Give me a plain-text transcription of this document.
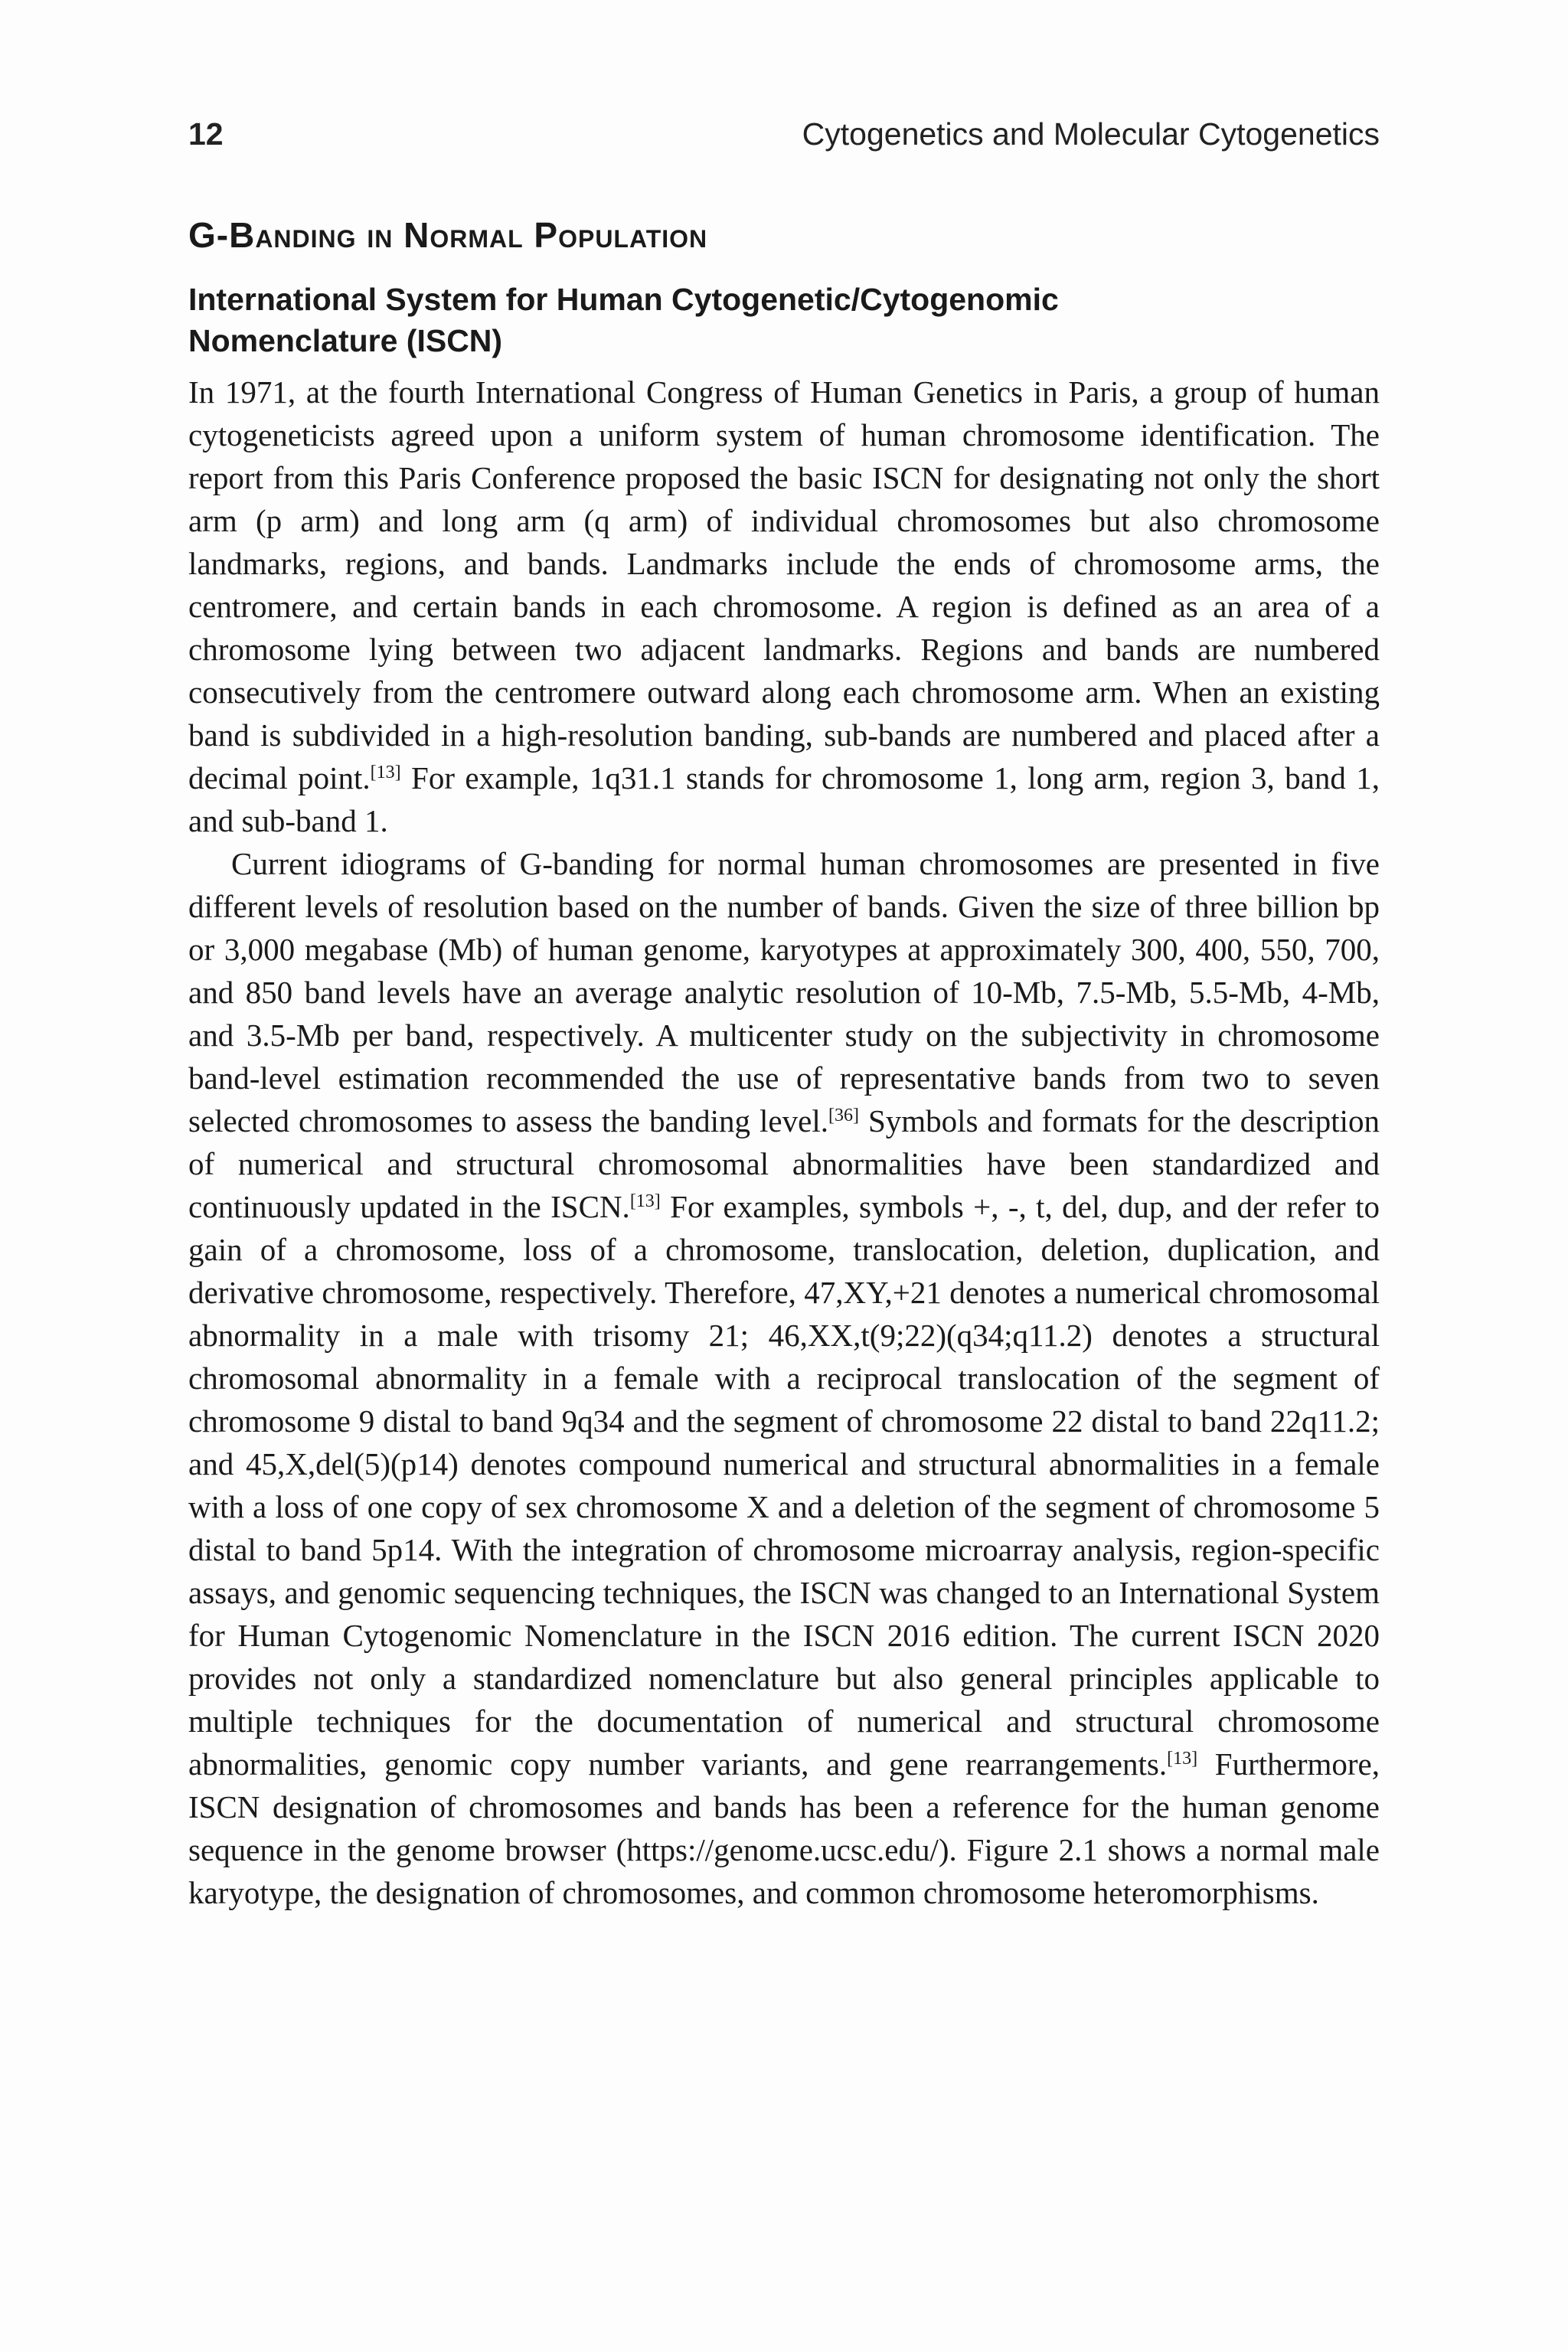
12	Cytogenetics and Molecular Cytogenetics
G-Banding in Normal Population
International System for Human Cytogenetic/Cytogenomic Nomenclature (ISCN)

In 1971, at the fourth International Congress of Human Genetics in Paris, a group of human cytogeneticists agreed upon a uniform system of human chromosome identification. The report from this Paris Conference proposed the basic ISCN for designating not only the short arm (p arm) and long arm (q arm) of individual chromosomes but also chromosome landmarks, regions, and bands. Landmarks include the ends of chromosome arms, the centromere, and certain bands in each chromosome. A region is defined as an area of a chromosome lying between two adjacent landmarks. Regions and bands are numbered consecutively from the centromere outward along each chromosome arm. When an existing band is subdivided in a high-resolution banding, sub-bands are numbered and placed after a decimal point.[13] For example, 1q31.1 stands for chromosome 1, long arm, region 3, band 1, and sub-band 1.

Current idiograms of G-banding for normal human chromosomes are presented in five different levels of resolution based on the number of bands. Given the size of three billion bp or 3,000 megabase (Mb) of human genome, karyotypes at approximately 300, 400, 550, 700, and 850 band levels have an average analytic resolution of 10-Mb, 7.5-Mb, 5.5-Mb, 4-Mb, and 3.5-Mb per band, respectively. A multicenter study on the subjectivity in chromosome band-level estimation recommended the use of representative bands from two to seven selected chromosomes to assess the banding level.[36] Symbols and formats for the description of numerical and structural chromosomal abnormalities have been standardized and continuously updated in the ISCN.[13] For examples, symbols +, -, t, del, dup, and der refer to gain of a chromosome, loss of a chromosome, translocation, deletion, duplication, and derivative chromosome, respectively. Therefore, 47,XY,+21 denotes a numerical chromosomal abnormality in a male with trisomy 21; 46,XX,t(9;22)(q34;q11.2) denotes a structural chromosomal abnormality in a female with a reciprocal translocation of the segment of chromosome 9 distal to band 9q34 and the segment of chromosome 22 distal to band 22q11.2; and 45,X,del(5)(p14) denotes compound numerical and structural abnormalities in a female with a loss of one copy of sex chromosome X and a deletion of the segment of chromosome 5 distal to band 5p14. With the integration of chromosome microarray analysis, region-specific assays, and genomic sequencing techniques, the ISCN was changed to an International System for Human Cytogenomic Nomenclature in the ISCN 2016 edition. The current ISCN 2020 provides not only a standardized nomenclature but also general principles applicable to multiple techniques for the documentation of numerical and structural chromosome abnormalities, genomic copy number variants, and gene rearrangements.[13] Furthermore, ISCN designation of chromosomes and bands has been a reference for the human genome sequence in the genome browser (https://genome.ucsc.edu/). Figure 2.1 shows a normal male karyotype, the designation of chromosomes, and common chromosome heteromorphisms.
